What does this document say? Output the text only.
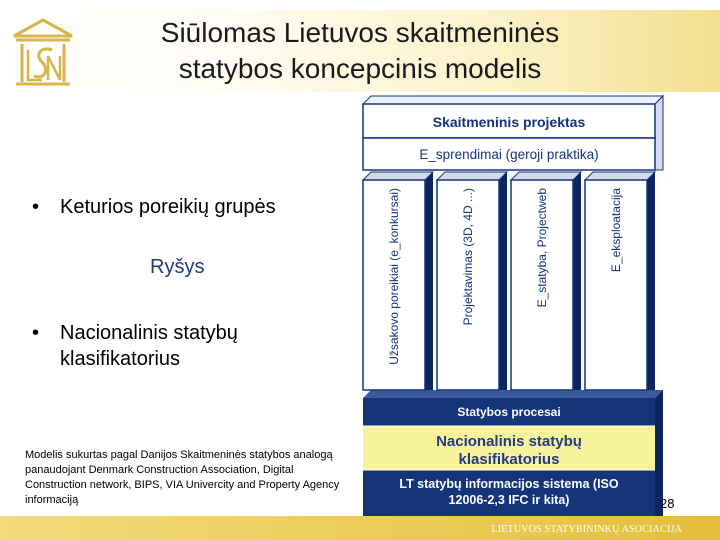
Siūlomas Lietuvos skaitmeninės
statybos koncepcinis modelis
• Keturios poreikių grupės
Ryšys
• Nacionalinis statybų
klasifikatorius
Modelis sukurtas pagal Danijos Skaitmeninės statybos analogą panaudojant Denmark Construction Association, Digital Construction network, BIPS, VIA Univercity and Property Agency informaciją
Statybos procesai
Nacionalinis statybų
klasifikatorius
LT statybų informacijos sistema (ISO
12006-2,3 IFC ir kita)
Užsakovo poreikiai (e_konkursai)	Projektavimas (3D, 4D ...)	E_statyba, Projectweb	E_eksploatacija
Skaitmeninis projektas
E_sprendimai (geroji praktika)
28
LIETUVOS STATYBININKŲ ASOCIACIJA
